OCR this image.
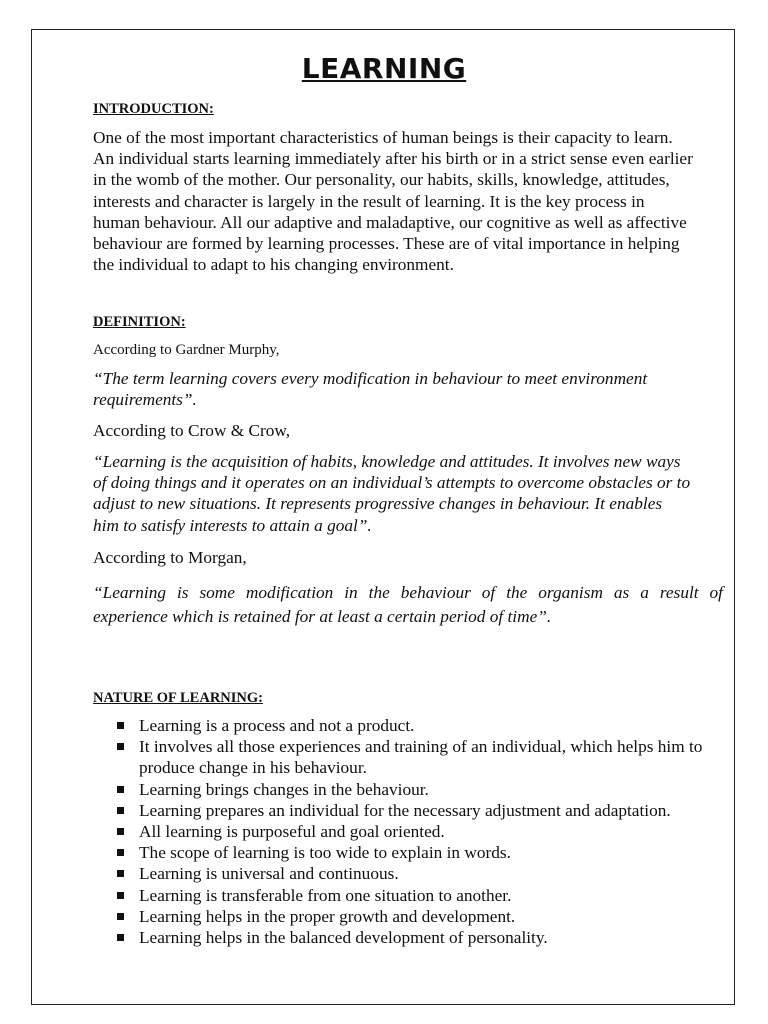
LEARNING
INTRODUCTION:
One of the most important characteristics of human beings is their capacity to learn.
An individual starts learning immediately after his birth or in a strict sense even earlier
in the womb of the mother. Our personality, our habits, skills, knowledge, attitudes,
interests and character is largely in the result of learning. It is the key process in
human behaviour. All our adaptive and maladaptive, our cognitive as well as affective
behaviour are formed by learning processes. These are of vital importance in helping
the individual to adapt to his changing environment.
DEFINITION:

According to Gardner Murphy,

“The term learning covers every modification in behaviour to meet environment
requirements”.

According to Crow & Crow,

“Learning is the acquisition of habits, knowledge and attitudes. It involves new ways
of doing things and it operates on an individual’s attempts to overcome obstacles or to
adjust to new situations. It represents progressive changes in behaviour. It enables
him to satisfy interests to attain a goal”.

According to Morgan,

“Learning is some modification in the behaviour of the organism as a result of
experience which is retained for at least a certain period of time”.
NATURE OF LEARNING:
Learning is a process and not a product.
It involves all those experiences and training of an individual, which helps him to produce change in his behaviour.
Learning brings changes in the behaviour.
Learning prepares an individual for the necessary adjustment and adaptation.
All learning is purposeful and goal oriented.
The scope of learning is too wide to explain in words.
Learning is universal and continuous.
Learning is transferable from one situation to another.
Learning helps in the proper growth and development.
Learning helps in the balanced development of personality.
